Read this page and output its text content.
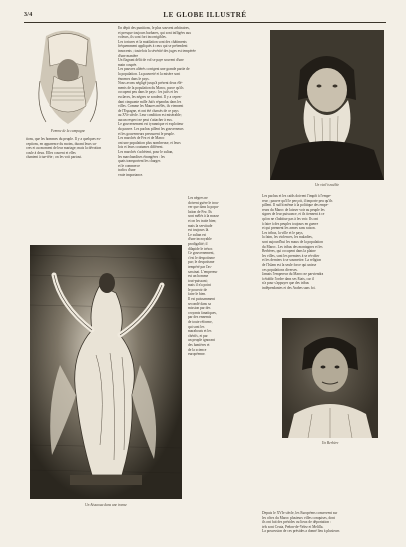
3/4	LE GLOBE ILLUSTRÉ
Femme de la campagne
tions, que les hommes du peuple. Il y a quelques ex-
ceptions, en apparence du moins, durant leurs sa-
cres et au moment de leur mariage; mais la dévotion
coule à deux. Elles courent et elles
chantent à tue-tête ; on les voit partout.
En dépit des punitions, le plus souvent arbitraires,
et presque toujours barbares, qui sont infligées aux
voleurs, ils sont fort incorrigibles.
Les tortures et la mutilation sont des châtiments
fréquemment appliqués à ceux qui se prétendent
innocents ; toutefois la sévérité des juges est tempérée
d'une manière
Un flagrant délit de vol se paye souvent d'une
main coupée.
Les pauvres altérés corrigent une grande partie de
la population. La pauvreté et la misère sont
énormes dans le pays.
Nous avons négligé jusqu'à présent deux élé-
ments de la population du Maroc, parce qu'ils
occupent peu dans le pays : les juifs et les
esclaves, les nègres se sondent. Il y a cepen-
dant cinquante mille Juifs répandus dans les
villes. Comme les Maures mêlés, ils viennent
de l'Espagne, et ont été chassés de ce pays
au XVe siècle. Leur condition est misérable;
aucun respect ne peut s'attacher à eux.
Le gouvernement est tyrannique et exploiteur
du pauvre. Les pachas pillent les gouverneurs
et les gouverneurs pressurent le peuple.
Les marchés de Fez et de Maroc
ont une population plus nombreuse, et leurs
lois et leurs coutumes diffèrent.
Les marchés s'achètent, pour le sultan,
les marchandises étrangères : les
quais transportent les charges
et le commerce
trafics d'une
vraie importance.
Un Aïssaoua dans une transe
Les nègres ne
doivent guère le trou-
ver que dans la popu-
lation de Fez. Ils
sont mêlés à la masse
et on les traite bien;
mais la servitude
est toujours là.
Le sultan est
d'une incroyable
prodigalité; il
dilapide le trésor.
Ce gouvernement,
c'est le despotisme
pur; le despotisme
tempéré par l'as-
sassinat. L'empereur
est un homme
tout-puissant;
mais il n'a point
le pouvoir de
faire le bien.
Il est puissamment
secondé dans sa
mission par des
croyants fanatiques,
par des ennemis
de toute réforme,
qui sont les
marabouts et les
chérifs, et par
un peuple ignorant
des lumières et
de la science
européenne.
Un vieil israélite
Les pachas et les caïds doivent l'impôt à l'empe-
reur ; pauvre qu'il le perçoit, il importe peu qu'ils
pillent. Il suffit même à la politique des empe-
reurs du Maroc de laisser voir au peuple les
signes de leur puissance, et ils tiennent à ce
qu'on ne s'habitue pas à les voir. Ils ont
à faire à des peuples toujours en guerre
et qui prennent les armes sans raison.
Les tribus, la ville et le pays,
la faim, les violences, les maladies,
sont aujourd'hui les maux de la population
du Maroc. Les tribus des montagnes et les
Berbères, qui occupent dans la plaine
les villes, sont les premiers à se révolter
et les derniers à se soumettre. La religion
de l'Islam est la seule force qui unisse
ces populations diverses.
Jamais l'empereur du Maroc ne parviendra
à établir l'ordre dans ses États, car il
n'a pour s'appuyer que des tribus
indépendantes et des Arabes sans foi.
Un Berbère
Depuis le XVIe siècle, les Européens conservent sur
les côtes du Maroc plusieurs villes conquises, dont
ils ont fait des présides ou lieux de déportation :
tels sont Ceuta, Peñon-de-Velez et Melilla.
La possession de ces présides a donné lieu à plusieurs
